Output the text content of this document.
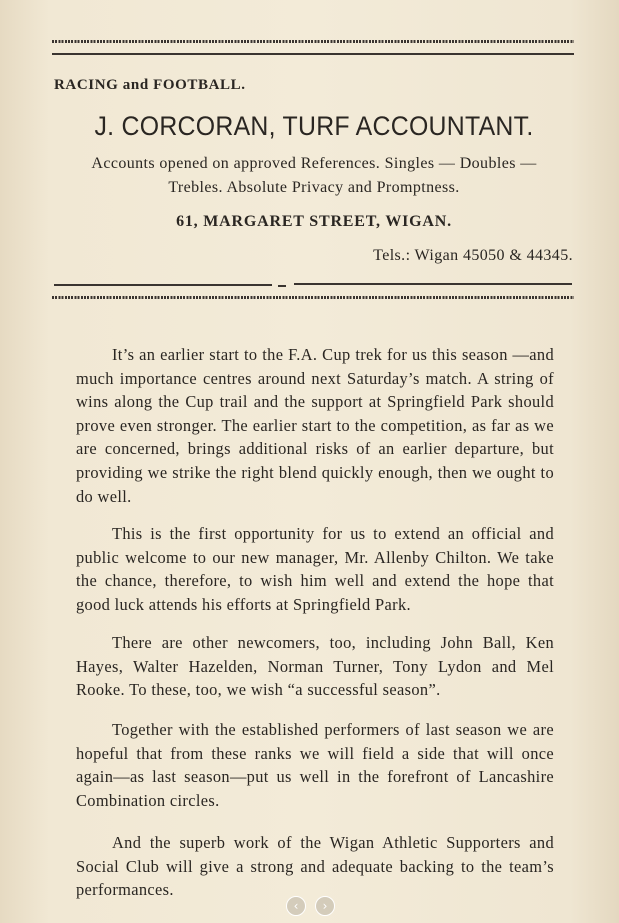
RACING and FOOTBALL.

J. CORCORAN, TURF ACCOUNTANT.

Accounts opened on approved References. Singles — Doubles —

Trebles. Absolute Privacy and Promptness.

61, MARGARET STREET, WIGAN.

Tels.: Wigan 45050 & 44345.

It’s an earlier start to the F.A. Cup trek for us this season —and much importance centres around next Saturday’s match. A string of wins along the Cup trail and the support at Springfield Park should prove even stronger. The earlier start to the competition, as far as we are concerned, brings additional risks of an earlier departure, but providing we strike the right blend quickly enough, then we ought to do well.

This is the first opportunity for us to extend an official and public welcome to our new manager, Mr. Allenby Chilton. We take the chance, therefore, to wish him well and extend the hope that good luck attends his efforts at Springfield Park.

There are other newcomers, too, including John Ball, Ken Hayes, Walter Hazelden, Norman Turner, Tony Lydon and Mel Rooke. To these, too, we wish “a successful season”.

Together with the established performers of last season we are hopeful that from these ranks we will field a side that will once again—as last season—put us well in the forefront of Lancashire Combination circles.

And the superb work of the Wigan Athletic Supporters and Social Club will give a strong and adequate backing to the team’s performances.

‹ ›
